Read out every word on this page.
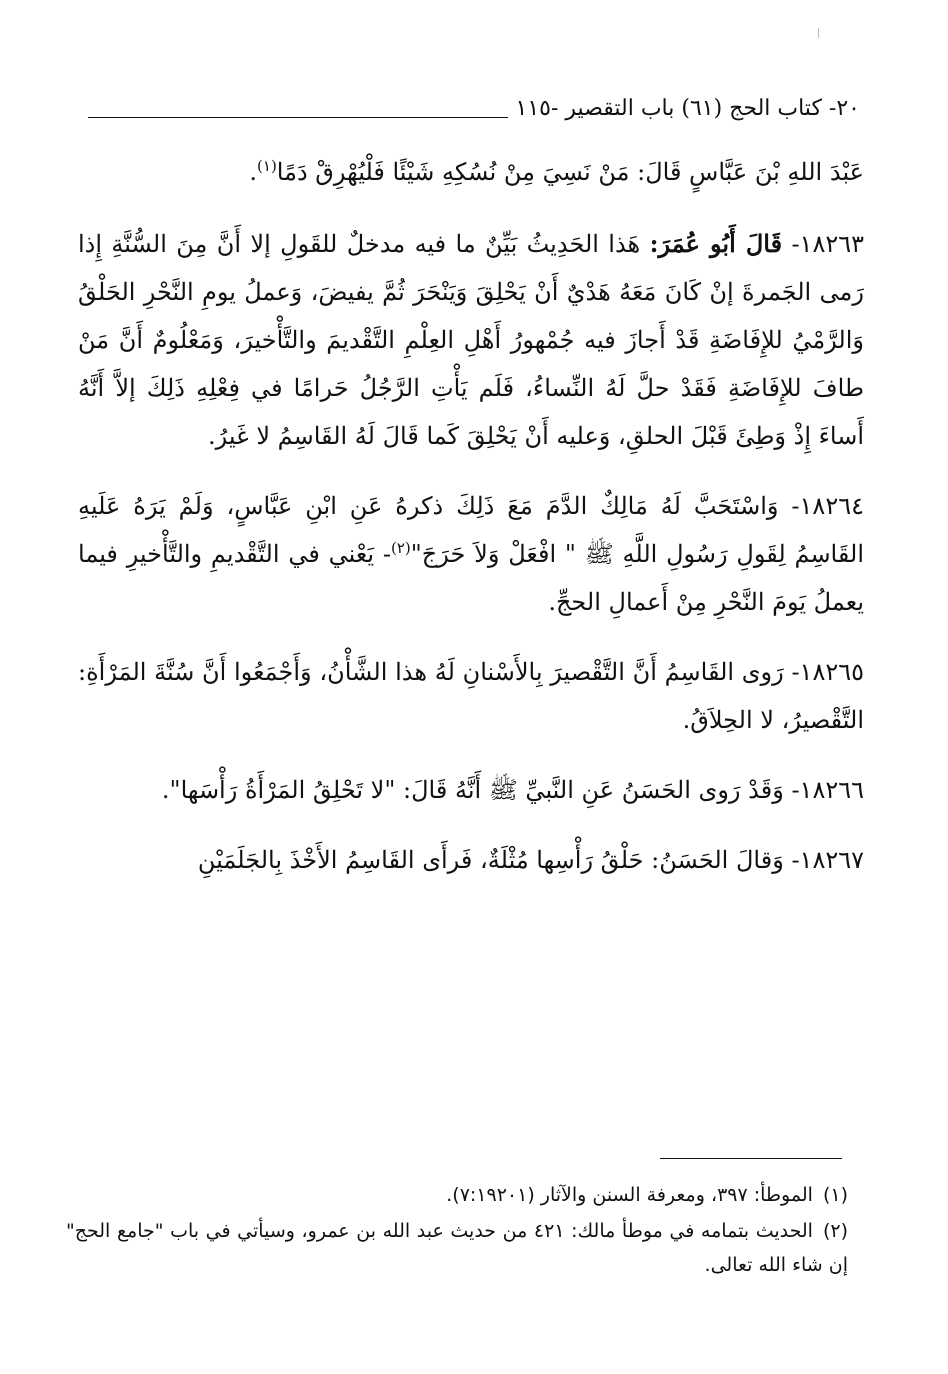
٢٠- كتاب الحج (٦١) باب التقصير -١١٥

عَبْدَ اللهِ بْنَ عَبَّاسٍ قَالَ: مَنْ نَسِيَ مِنْ نُسُكِهِ شَيْئًا فَلْيُهْرِقْ دَمًا$^{(١)}$.

١٨٢٦٣- قَالَ أَبُو عُمَرَ: هَذا الحَدِيثُ بَيِّنٌ ما فيه مدخلٌ للقَولِ إلا أَنَّ مِنَ السُّنَّةِ إِذا رَمى الجَمرةَ إنْ كَانَ مَعَهُ هَدْيٌ أَنْ يَحْلِقَ وَيَنْحَرَ ثُمَّ يفيضَ، وَعملُ يومِ النَّحْرِ الحَلْقُ وَالرَّمْيُ للإِفَاضَةِ قَدْ أَجازَ فيه جُمْهورُ أَهْلِ العِلْمِ التَّقْديمَ والتَّأْخيرَ، وَمَعْلُومٌ أَنَّ مَنْ طافَ للإِفَاضَةِ فَقَدْ حلَّ لَهُ النِّساءُ، فَلَم يَأْتِ الرَّجُلُ حَرامًا في فِعْلِهِ ذَلِكَ إلاَّ أَنَّهُ أَساءَ إِذْ وَطِئَ قَبْلَ الحلقِ، وَعليه أَنْ يَحْلِقَ كَما قَالَ لَهُ القَاسِمُ لا غَيرُ.

١٨٢٦٤- وَاسْتَحَبَّ لَهُ مَالِكٌ الدَّمَ مَعَ ذَلِكَ ذكرهُ عَنِ ابْنِ عَبَّاسٍ، وَلَمْ يَرَهُ عَلَيهِ القَاسِمُ لِقَولِ رَسُولِ اللَّهِ ﷺ " افْعَلْ وَلاَ حَرَجَ"$^{(٢)}$- يَعْني في التَّقْديمِ والتَّأْخيرِ فيما يعملُ يَومَ النَّحْرِ مِنْ أَعمالِ الحجِّ.

١٨٢٦٥- رَوى القَاسِمُ أَنَّ التَّقْصيرَ بِالأَسْنانِ لَهُ هذا الشَّأْنُ، وَأَجْمَعُوا أَنَّ سُنَّةَ المَرْأَةِ: التَّقْصيرُ، لا الحِلاَقُ.

١٨٢٦٦- وَقَدْ رَوى الحَسَنُ عَنِ النَّبيِّ ﷺ أَنَّهُ قَالَ: "لا تَحْلِقُ المَرْأَةُ رَأْسَها".

١٨٢٦٧- وَقالَ الحَسَنُ: حَلْقُ رَأْسِها مُثْلَةٌ، فَرأَى القَاسِمُ الأَخْذَ بِالجَلَمَيْنِ

(١)الموطأ: ٣٩٧، ومعرفة السنن والآثار (٧:١٩٢٠١).

(٢)الحديث بتمامه في موطأ مالك: ٤٢١ من حديث عبد الله بن عمرو، وسيأتي في باب "جامع الحج" إن شاء الله تعالى.
